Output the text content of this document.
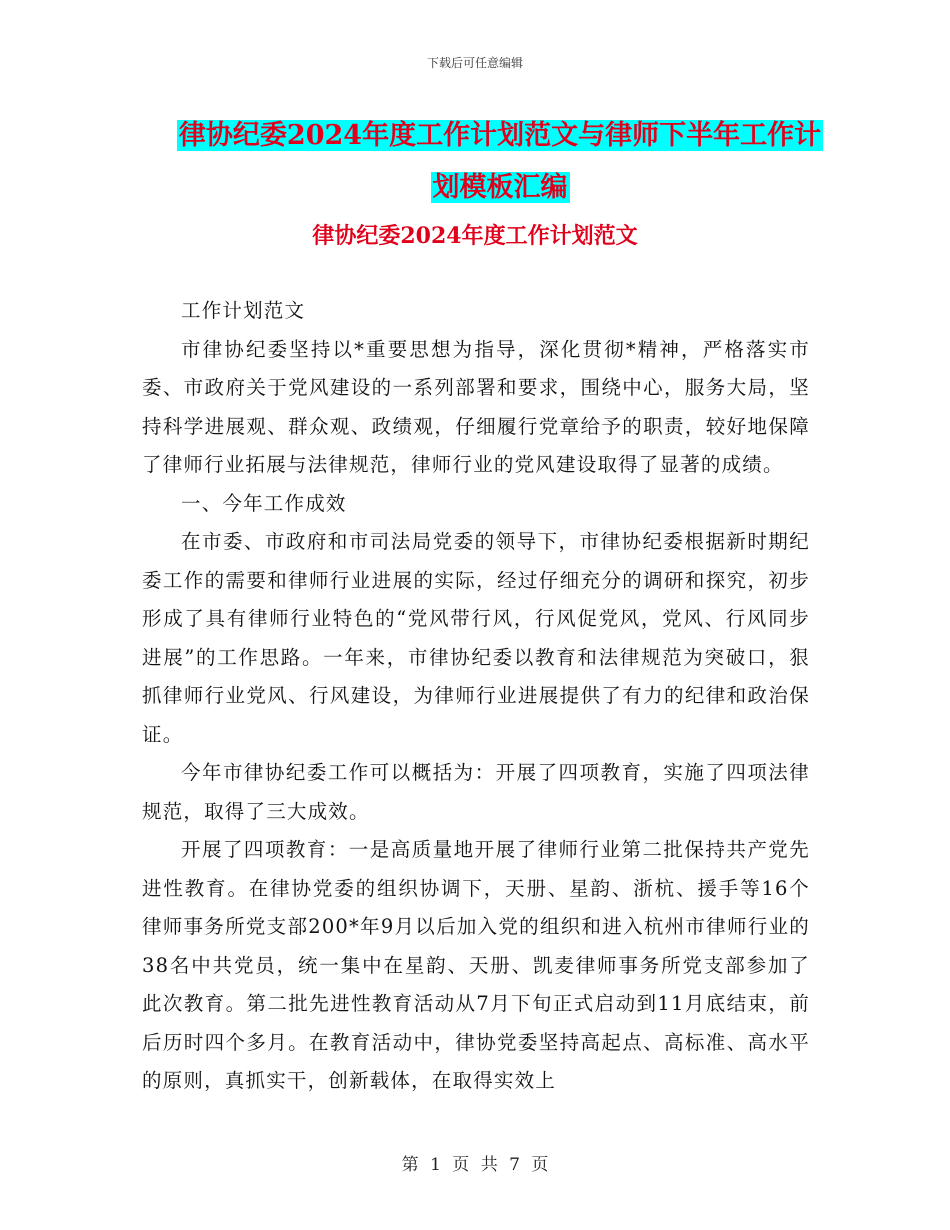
下载后可任意编辑
律协纪委2024年度工作计划范文与律师下半年工作计
划模板汇编
律协纪委2024年度工作计划范文

工作计划范文

市律协纪委坚持以*重要思想为指导，深化贯彻*精神，严格落实市委、市政府关于党风建设的一系列部署和要求，围绕中心，服务大局，坚持科学进展观、群众观、政绩观，仔细履行党章给予的职责，较好地保障了律师行业拓展与法律规范，律师行业的党风建设取得了显著的成绩。

一、今年工作成效

在市委、市政府和市司法局党委的领导下，市律协纪委根据新时期纪委工作的需要和律师行业进展的实际，经过仔细充分的调研和探究，初步形成了具有律师行业特色的“党风带行风，行风促党风，党风、行风同步进展”的工作思路。一年来，市律协纪委以教育和法律规范为突破口，狠抓律师行业党风、行风建设，为律师行业进展提供了有力的纪律和政治保证。

今年市律协纪委工作可以概括为：开展了四项教育，实施了四项法律规范，取得了三大成效。

开展了四项教育：一是高质量地开展了律师行业第二批保持共产党先进性教育。在律协党委的组织协调下，天册、星韵、浙杭、援手等16个律师事务所党支部200*年9月以后加入党的组织和进入杭州市律师行业的38名中共党员，统一集中在星韵、天册、凯麦律师事务所党支部参加了此次教育。第二批先进性教育活动从7月下旬正式启动到11月底结束，前后历时四个多月。在教育活动中，律协党委坚持高起点、高标准、高水平的原则，真抓实干，创新载体，在取得实效上

第 1 页 共 7 页
